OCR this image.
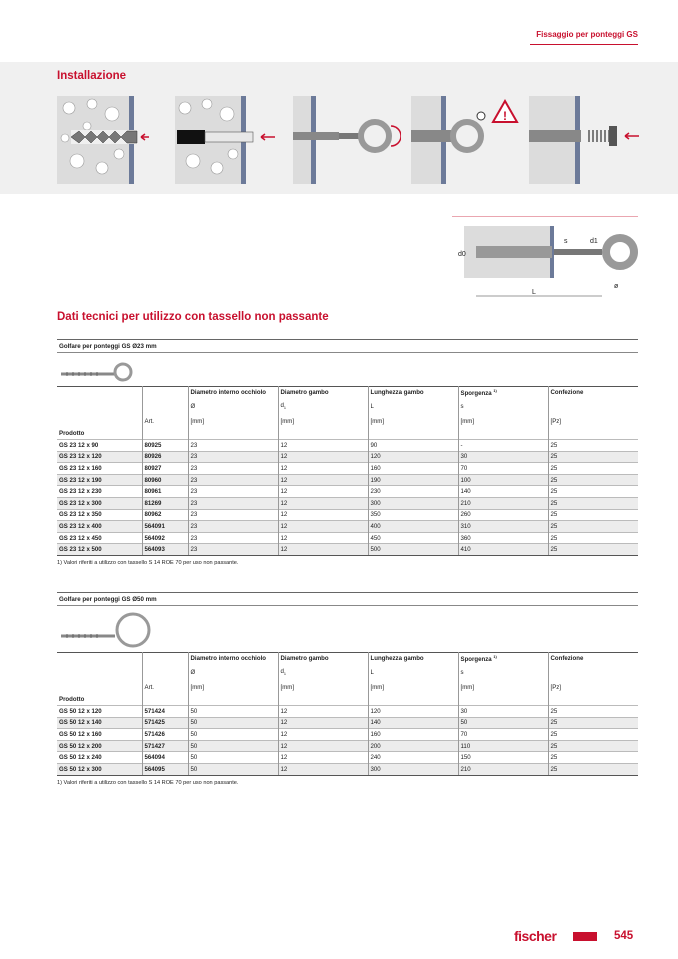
Fissaggio per ponteggi GS
Installazione
!
d0
d1
s
L
ø
Dati tecnici per utilizzo con tassello non passante
Golfare per ponteggi GS Ø23 mm
		Diametro interno occhiolo	Diametro gambo	Lunghezza gambo	Sporgenza $^{1)}$	Confezione
		Ø	$d_1$	L	s	
	Art.	[mm]	[mm]	[mm]	[mm]	[Pz]
Prodotto						
GS 23 12 x 90	80925	23	12	90	-	25
GS 23 12 x 120	80926	23	12	120	30	25
GS 23 12 x 160	80927	23	12	160	70	25
GS 23 12 x 190	80960	23	12	190	100	25
GS 23 12 x 230	80961	23	12	230	140	25
GS 23 12 x 300	81269	23	12	300	210	25
GS 23 12 x 350	80962	23	12	350	260	25
GS 23 12 x 400	564091	23	12	400	310	25
GS 23 12 x 450	564092	23	12	450	360	25
GS 23 12 x 500	564093	23	12	500	410	25
1) Valori riferiti a utilizzo con tassello S 14 ROE 70 per uso non passante.
Golfare per ponteggi GS Ø50 mm
		Diametro interno occhiolo	Diametro gambo	Lunghezza gambo	Sporgenza $^{1)}$	Confezione
		Ø	$d_1$	L	s	
	Art.	[mm]	[mm]	[mm]	[mm]	[Pz]
Prodotto						
GS 50 12 x 120	571424	50	12	120	30	25
GS 50 12 x 140	571425	50	12	140	50	25
GS 50 12 x 160	571426	50	12	160	70	25
GS 50 12 x 200	571427	50	12	200	110	25
GS 50 12 x 240	564094	50	12	240	150	25
GS 50 12 x 300	564095	50	12	300	210	25
1) Valori riferiti a utilizzo con tassello S 14 ROE 70 per uso non passante.
fischer	545
